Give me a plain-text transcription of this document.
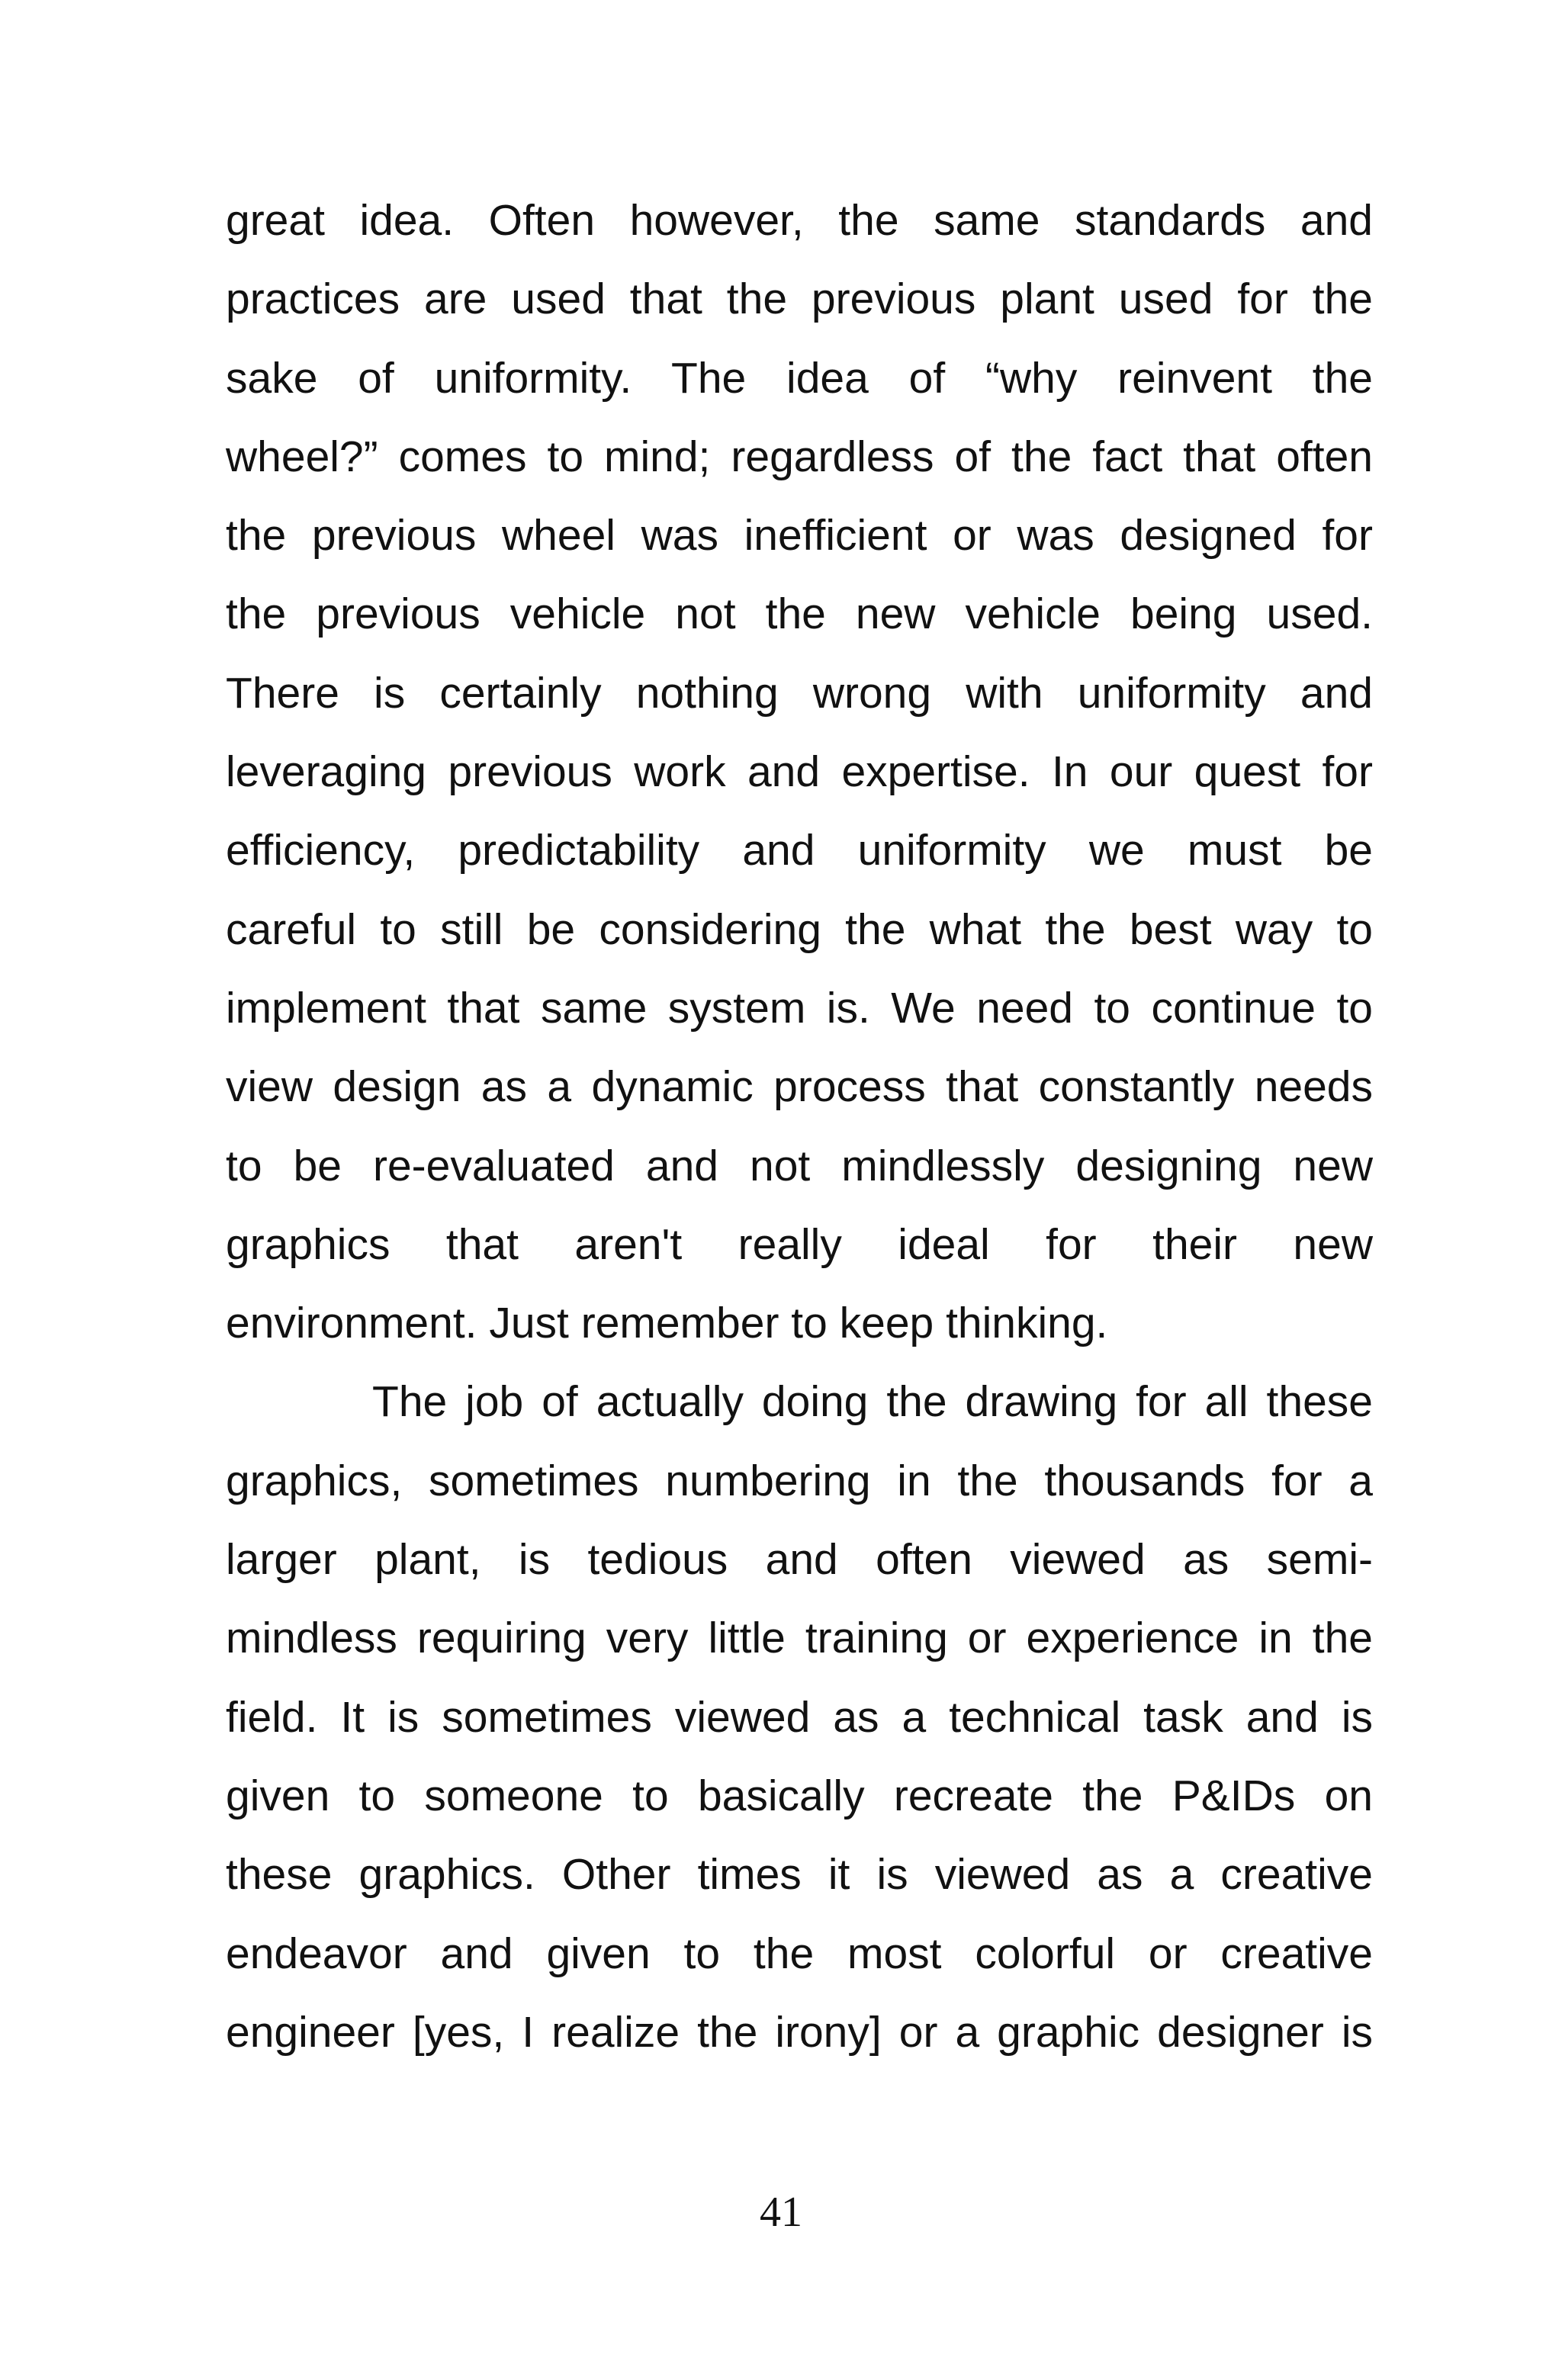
great idea. Often however, the same standards and
practices are used that the previous plant used for the
sake of uniformity. The idea of “why reinvent the
wheel?” comes to mind; regardless of the fact that often
the previous wheel was inefficient or was designed for
the previous vehicle not the new vehicle being used.
There is certainly nothing wrong with uniformity and
leveraging previous work and expertise. In our quest for
efficiency, predictability and uniformity we must be
careful to still be considering the what the best way to
implement that same system is. We need to continue to
view design as a dynamic process that constantly needs
to be re-evaluated and not mindlessly designing new
graphics that aren't really ideal for their new
environment. Just remember to keep thinking.
The job of actually doing the drawing for all these
graphics, sometimes numbering in the thousands for a
larger plant, is tedious and often viewed as semi-
mindless requiring very little training or experience in the
field. It is sometimes viewed as a technical task and is
given to someone to basically recreate the P&IDs on
these graphics. Other times it is viewed as a creative
endeavor and given to the most colorful or creative
engineer [yes, I realize the irony] or a graphic designer is
41
